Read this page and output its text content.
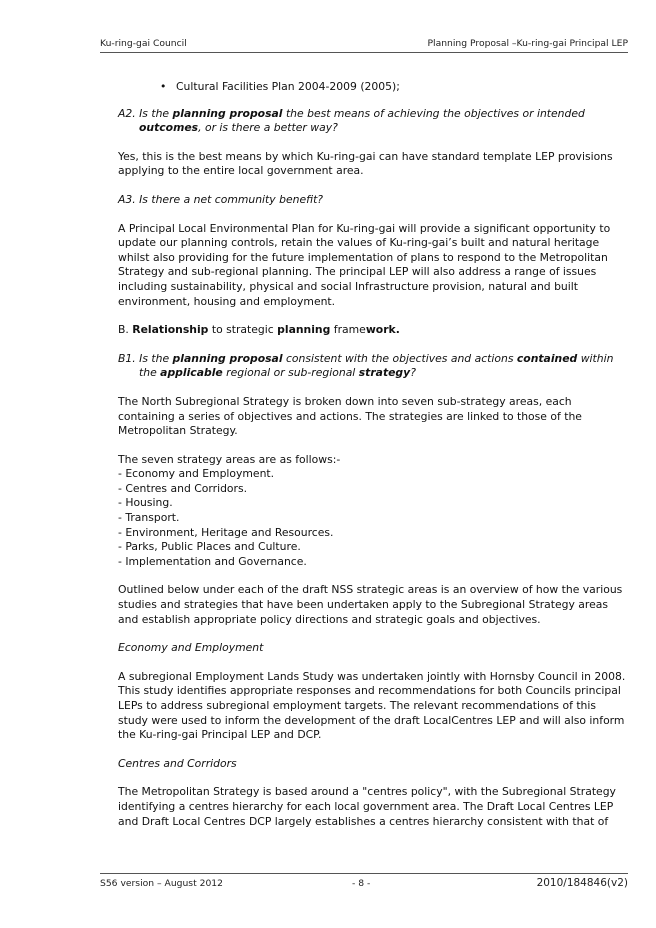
Ku-ring-gai Council	Planning Proposal –Ku-ring-gai Principal LEP

• Cultural Facilities Plan 2004-2009 (2005);

A2. Is the planning proposal the best means of achieving the objectives or intended outcomes, or is there a better way?

Yes, this is the best means by which Ku-ring-gai can have standard template LEP provisions applying to the entire local government area.

A3. Is there a net community benefit?

A Principal Local Environmental Plan for Ku-ring-gai will provide a significant opportunity to update our planning controls, retain the values of Ku-ring-gai’s built and natural heritage whilst also providing for the future implementation of plans to respond to the Metropolitan Strategy and sub-regional planning. The principal LEP will also address a range of issues including sustainability, physical and social Infrastructure provision, natural and built environment, housing and employment.

B. Relationship to strategic planning framework.

B1. Is the planning proposal consistent with the objectives and actions contained within the applicable regional or sub-regional strategy?

The North Subregional Strategy is broken down into seven sub-strategy areas, each containing a series of objectives and actions. The strategies are linked to those of the Metropolitan Strategy.

The seven strategy areas are as follows:-

- Economy and Employment.

- Centres and Corridors.

- Housing.

- Transport.

- Environment, Heritage and Resources.

- Parks, Public Places and Culture.

- Implementation and Governance.

Outlined below under each of the draft NSS strategic areas is an overview of how the various studies and strategies that have been undertaken apply to the Subregional Strategy areas and establish appropriate policy directions and strategic goals and objectives.

Economy and Employment

A subregional Employment Lands Study was undertaken jointly with Hornsby Council in 2008. This study identifies appropriate responses and recommendations for both Councils principal LEPs to address subregional employment targets. The relevant recommendations of this study were used to inform the development of the draft LocalCentres LEP and will also inform the Ku-ring-gai Principal LEP and DCP.

Centres and Corridors

The Metropolitan Strategy is based around a "centres policy", with the Subregional Strategy identifying a centres hierarchy for each local government area. The Draft Local Centres LEP and Draft Local Centres DCP largely establishes a centres hierarchy consistent with that of

S56 version – August 2012	- 8 -	2010/184846(v2)
